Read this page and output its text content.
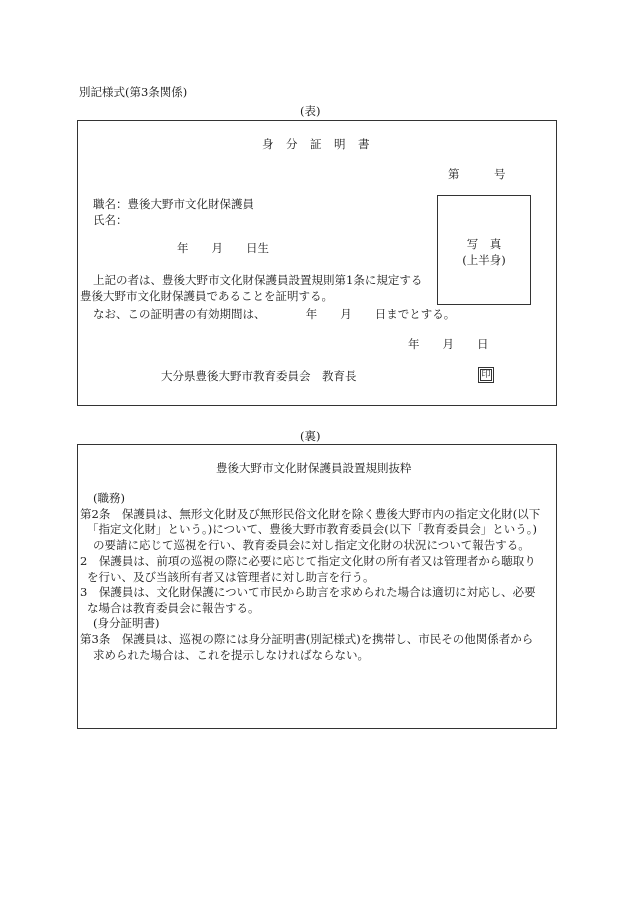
別記様式(第3条関係)
(表)
身　分　証　明　書
第　　　号
職名：豊後大野市文化財保護員
氏名：
年　　月　　日生	写　真
(上半身)
上記の者は、豊後大野市文化財保護員設置規則第1条に規定する
豊後大野市文化財保護員であることを証明する。
なお、この証明書の有効期間は、　　　　年　　月　　日までとする。
年　　月　　日
大分県豊後大野市教育委員会　教育長	印
(裏)
豊後大野市文化財保護員設置規則抜粋
(職務)
第2条　保護員は、無形文化財及び無形民俗文化財を除く豊後大野市内の指定文化財(以下
「指定文化財」という。)について、豊後大野市教育委員会(以下「教育委員会」という。)
の要請に応じて巡視を行い、教育委員会に対し指定文化財の状況について報告する。
2　保護員は、前項の巡視の際に必要に応じて指定文化財の所有者又は管理者から聴取り
を行い、及び当該所有者又は管理者に対し助言を行う。
3　保護員は、文化財保護について市民から助言を求められた場合は適切に対応し、必要
な場合は教育委員会に報告する。
(身分証明書)
第3条　保護員は、巡視の際には身分証明書(別記様式)を携帯し、市民その他関係者から
求められた場合は、これを提示しなければならない。
